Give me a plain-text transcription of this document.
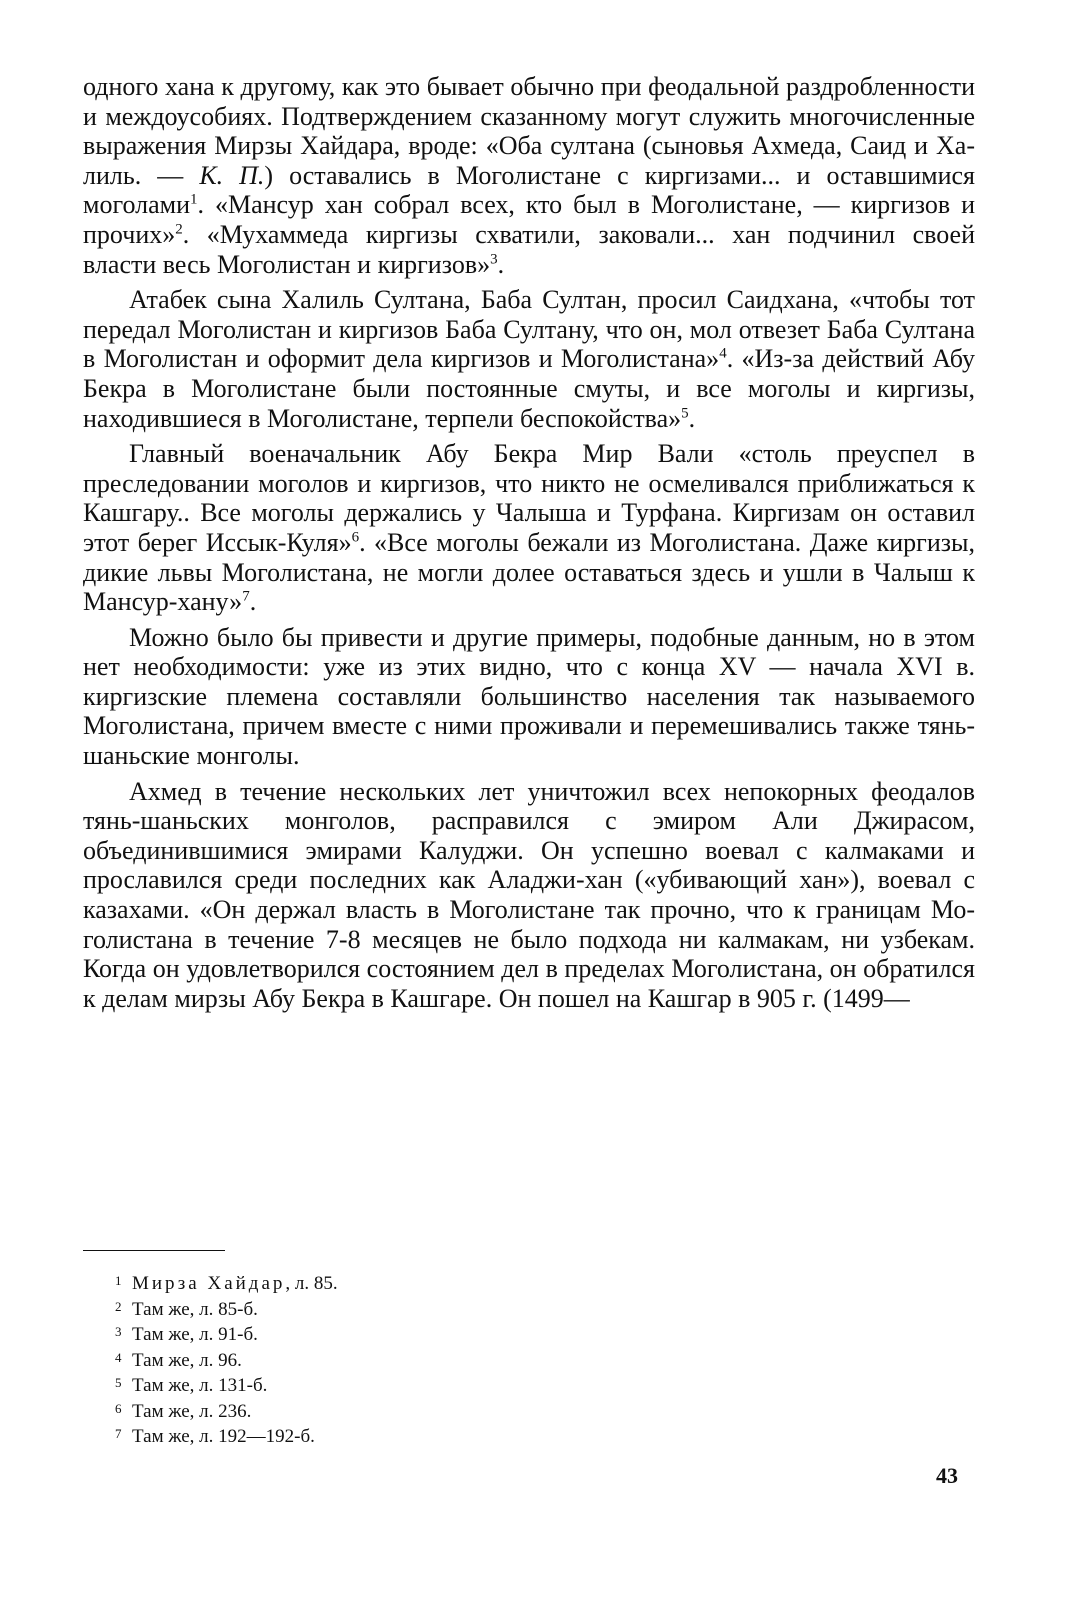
одного хана к другому, как это бывает обычно при феодальной раздробленности и междоусобиях. Подтверждением сказанному могут служить многочисленные выражения Мирзы Хайдара, вроде: «Оба султана (сыновья Ахмеда, Саид и Халиль. — К. П.) оставались в Моголистане с киргизами... и оставшимися моголами$^1$. «Мансур хан собрал всех, кто был в Моголистане, — киргизов и прочих»$^2$. «Мухаммеда киргизы схватили, заковали... хан подчинил своей власти весь Моголистан и киргизов»$^3$.

Атабек сына Халиль Султана, Баба Султан, просил Саидхана, «чтобы тот передал Моголистан и киргизов Баба Султану, что он, мол отвезет Баба Султана в Моголистан и оформит дела киргизов и Моголистана»$^4$. «Из-за действий Абу Бекра в Моголистане были постоянные смуты, и все моголы и киргизы, находившиеся в Моголистане, терпели беспокойства»$^5$.

Главный военачальник Абу Бекра Мир Вали «столь преуспел в преследовании моголов и киргизов, что никто не осмеливался приближаться к Кашгару.. Все моголы держались у Чалыша и Турфана. Киргизам он оставил этот берег Иссык-Куля»$^6$. «Все моголы бежали из Моголистана. Даже киргизы, дикие львы Моголистана, не могли долее оставаться здесь и ушли в Чалыш к Мансур-хану»$^7$.

Можно было бы привести и другие примеры, подобные данным, но в этом нет необходимости: уже из этих видно, что с конца XV — начала XVI в. киргизские племена составляли большинство населения так называемого Моголистана, причем вместе с ними проживали и перемешивались также тянь-шаньские монголы.

Ахмед в течение нескольких лет уничтожил всех непокорных феодалов тянь-шаньских монголов, расправился с эмиром Али Джирасом, объединившимися эмирами Калуджи. Он успешно воевал с калмаками и прославился среди последних как Аладжи-хан («убивающий хан»), воевал с казахами. «Он держал власть в Моголистане так прочно, что к границам Моголистана в течение 7-8 месяцев не было подхода ни калмакам, ни узбекам. Когда он удовлетворился состоянием дел в пределах Моголистана, он обратился к делам мирзы Абу Бекра в Кашгаре. Он пошел на Кашгар в 905 г. (1499—

1 Мирза Хайдар, л. 85.
2 Там же, л. 85-б.
3 Там же, л. 91-б.
4 Там же, л. 96.
5 Там же, л. 131-б.
6 Там же, л. 236.
7 Там же, л. 192—192-б.
43
